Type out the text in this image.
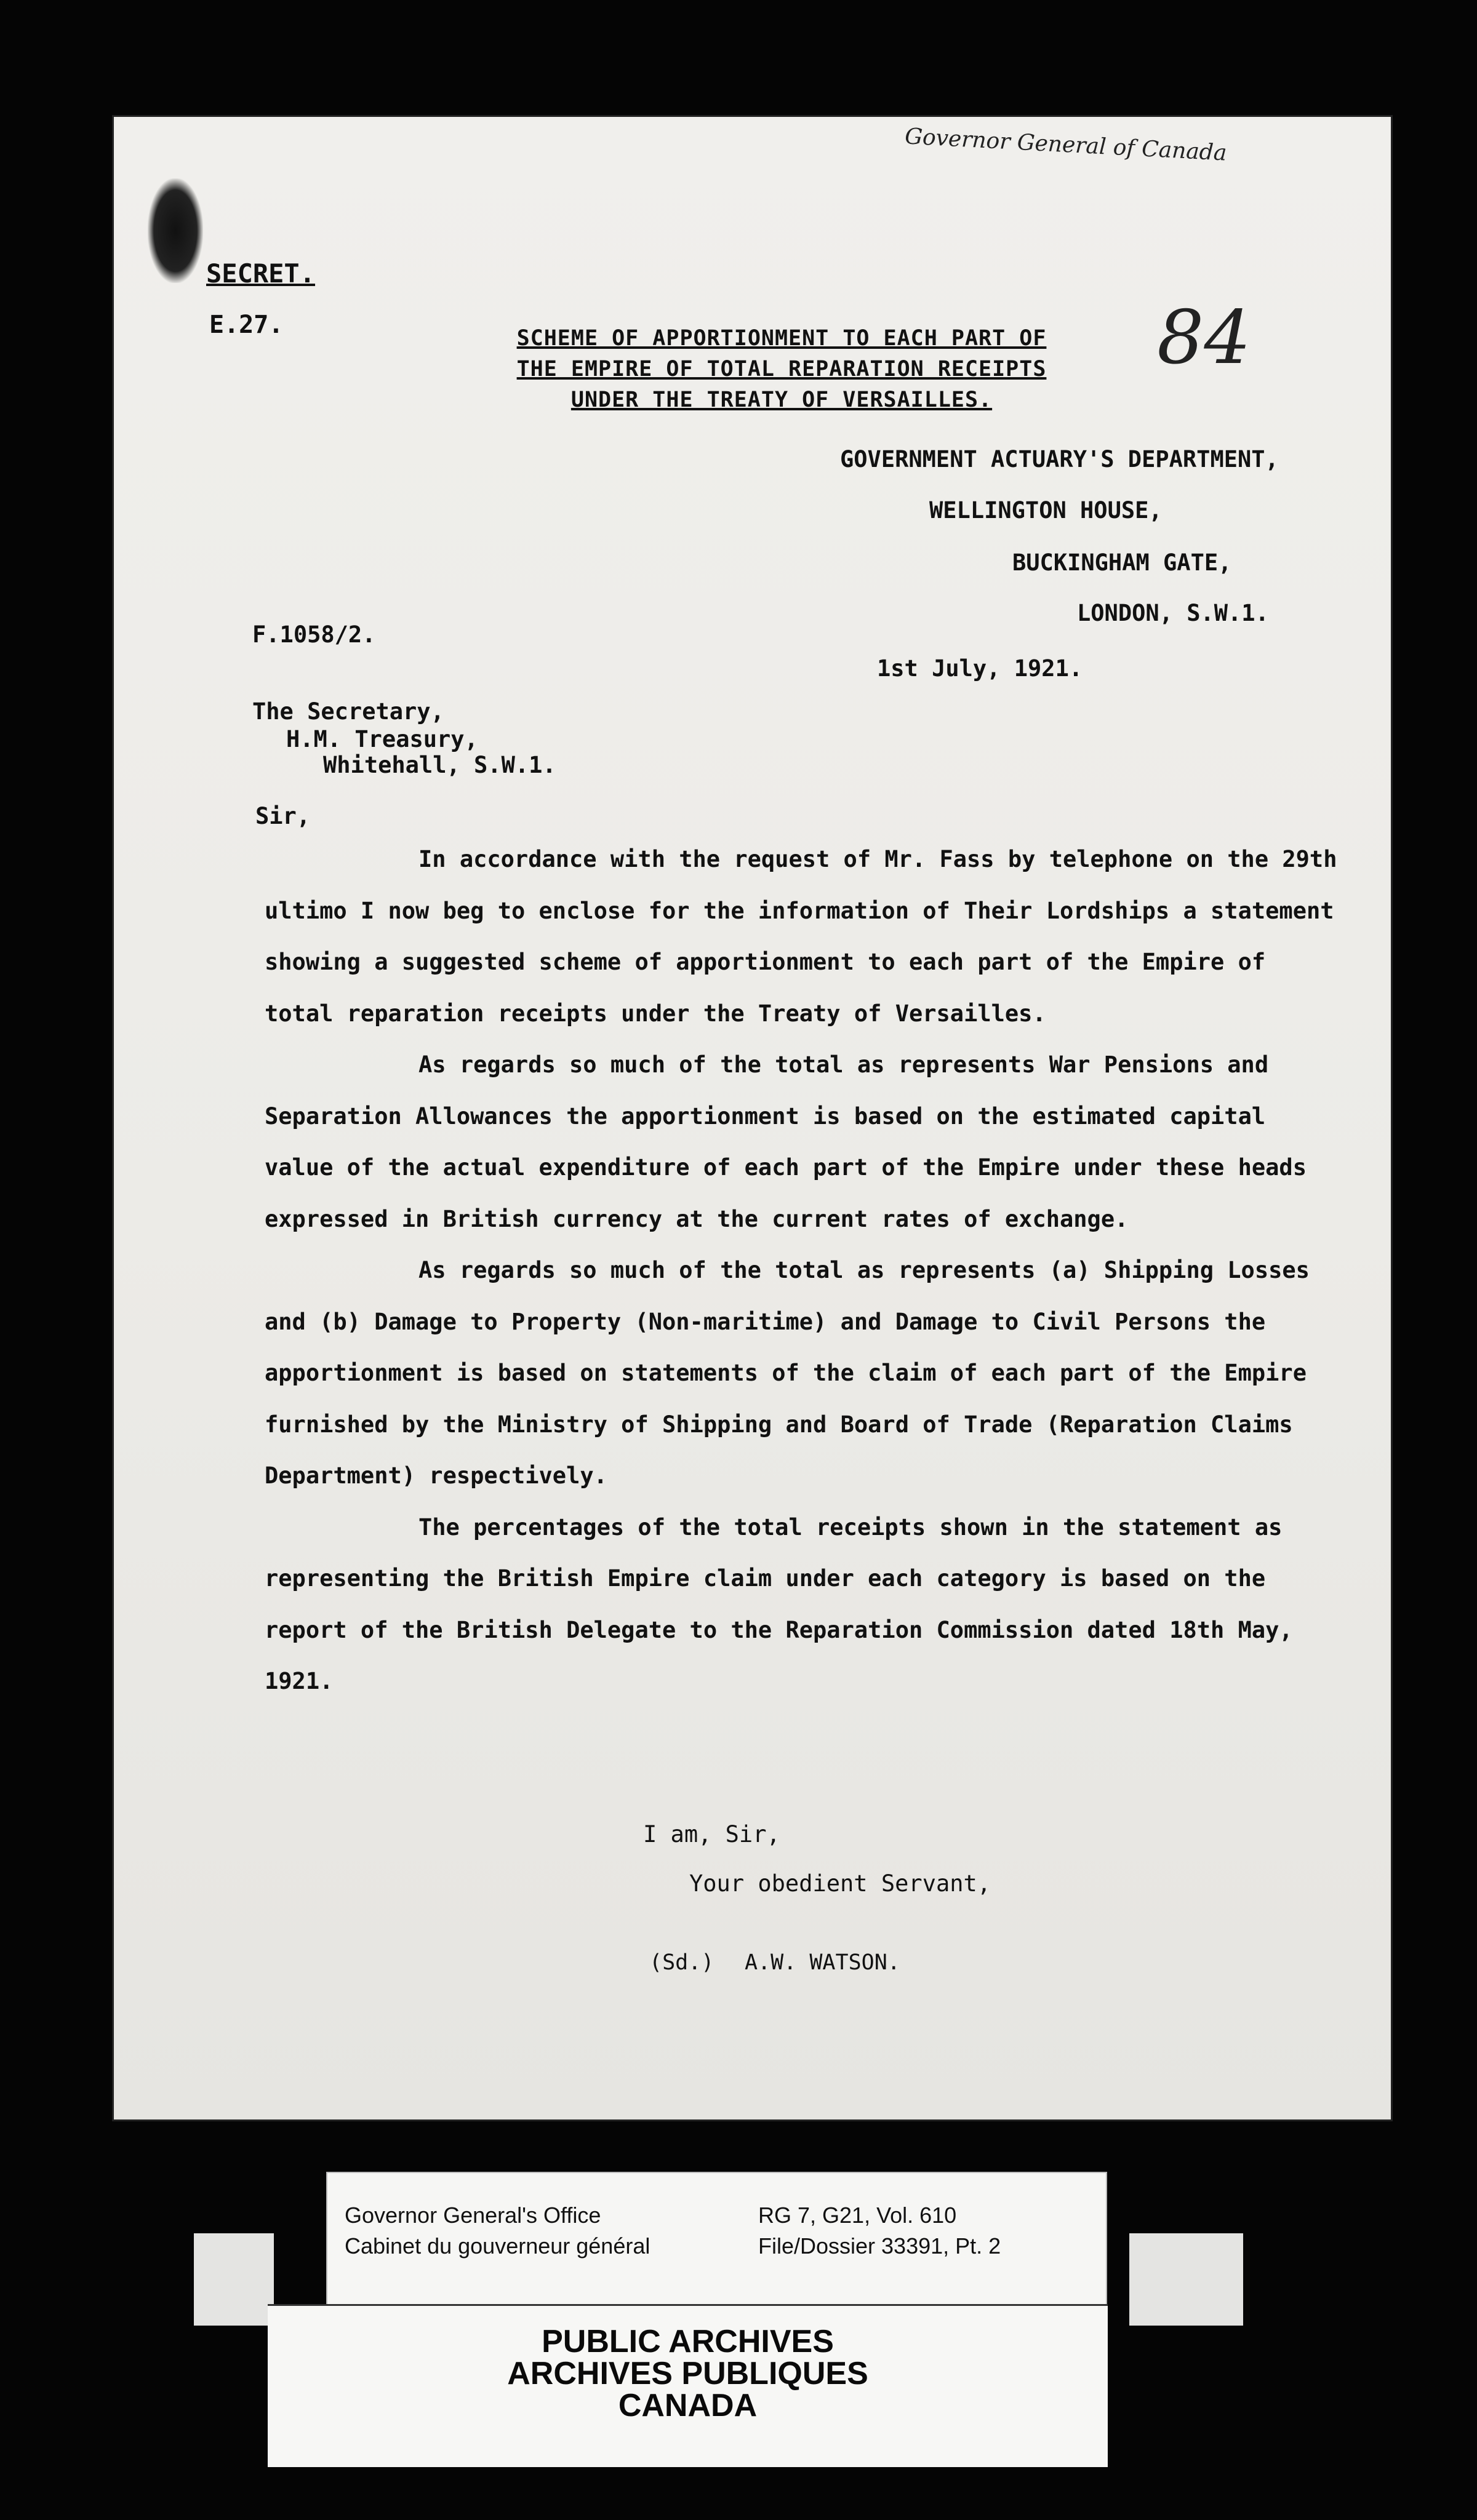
Governor General of Canada
84
SECRET.
E.27.	SCHEME OF APPORTIONMENT TO EACH PART OF
THE EMPIRE OF TOTAL REPARATION RECEIPTS
UNDER THE TREATY OF VERSAILLES.
GOVERNMENT ACTUARY'S DEPARTMENT,
WELLINGTON HOUSE,
BUCKINGHAM GATE,
LONDON, S.W.1.
F.1058/2.
1st July, 1921.
The Secretary,
H.M. Treasury,
Whitehall, S.W.1.
Sir,

In accordance with the request of Mr. Fass by telephone on the 29th ultimo I now beg to enclose for the information of Their Lordships a statement showing a suggested scheme of apportionment to each part of the Empire of total reparation receipts under the Treaty of Versailles.

As regards so much of the total as represents War Pensions and Separation Allowances the apportionment is based on the estimated capital value of the actual expenditure of each part of the Empire under these heads expressed in British currency at the current rates of exchange.

As regards so much of the total as represents (a) Shipping Losses and (b) Damage to Property (Non-maritime) and Damage to Civil Persons the apportionment is based on statements of the claim of each part of the Empire furnished by the Ministry of Shipping and Board of Trade (Reparation Claims Department) respectively.

The percentages of the total receipts shown in the statement as representing the British Empire claim under each category is based on the report of the British Delegate to the Reparation Commission dated 18th May, 1921.

I am, Sir,
Your obedient Servant,
(Sd.) A.W. WATSON.
Governor General's Office
Cabinet du gouverneur général
RG 7, G21, Vol. 610
File/Dossier 33391, Pt. 2
PUBLIC ARCHIVES
ARCHIVES PUBLIQUES
CANADA
